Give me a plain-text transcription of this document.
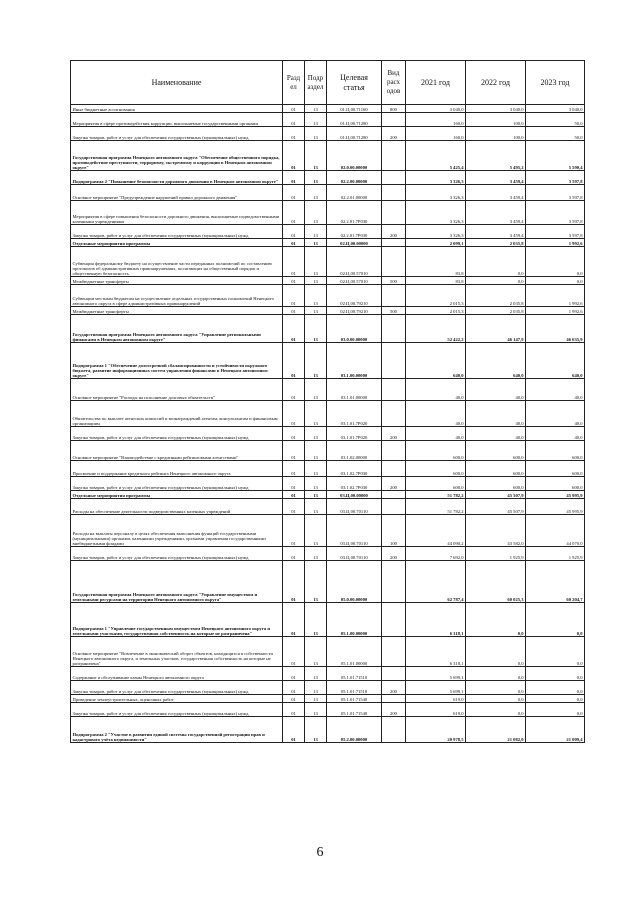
Наименование	Разд ел	Подр аздел	Целевая статья	Вид расх одов	2021 год	2022 год	2023 год
Иные бюджетные ассигнования	01	13	01.Ц.00.71160	800	3 040,0	3 040,0	3 040,0
Мероприятия в сфере противодействия коррупции, выполняемые государственными органами	01	13	01.Ц.00.71280		160,0	100,0	50,0
Закупка товаров, работ и услуг для обеспечения государственных (муниципальных) нужд	01	13	01.Ц.00.71280	200	160,0	100,0	50,0
Государственная программа Ненецкого автономного округа "Обеспечение общественного порядка, противодействие преступности, терроризму, экстремизму и коррупции в Ненецком автономном округе"	01	13	02.0.00.00000		5 425,4	5 495,2	5 590,4
Подпрограмма 2 "Повышение безопасности дорожного движения в Ненецком автономном округе"	01	13	02.2.00.00000		3 326,3	3 459,4	3 597,8
Основное мероприятие "Предупреждение нарушений правил дорожного движения"	01	13	02.2.01.00000		3 326,3	3 459,4	3 597,8
Мероприятия в сфере повышения безопасности дорожного движения, выполняемые подведомственными казенными учреждениями	01	13	02.2.01.7Р030		3 326,3	3 459,4	3 597,8
Закупка товаров, работ и услуг для обеспечения государственных (муниципальных) нужд	01	13	02.2.01.7Р030	200	3 326,3	3 459,4	3 597,8
Отдельные мероприятия программы	01	13	02.Ц.00.00000		2 099,1	2 035,8	1 992,6
Субвенция федеральному бюджету на осуществление части переданных полномочий по составлению протоколов об административных правонарушениях, посягающих на общественный порядок и общественную безопасность	01	13	02.Ц.00.57010		83,8	0,0	0,0
Межбюджетные трансферты	01	13	02.Ц.00.57010	500	83,8	0,0	0,0
Субвенции местным бюджетам на осуществление отдельных государственных полномочий Ненецкого автономного округа в сфере административных правонарушений	01	13	02.Ц.00.79210		2 015,3	2 035,8	1 992,6
Межбюджетные трансферты	01	13	02.Ц.00.79210	500	2 015,3	2 035,8	1 992,6
Государственная программа Ненецкого автономного округа "Управление региональными финансами в Ненецком автономном округе"	01	13	03.0.00.00000		52 422,2	46 147,9	46 635,9
Подпрограмма 1 "Обеспечение долгосрочной сбалансированности и устойчивости окружного бюджета, развитие информационных систем управления финансами в Ненецком автономном округе"	01	13	03.1.00.00000		640,0	640,0	640,0
Основное мероприятие "Расходы на исполнение долговых обязательств"	01	13	03.1.01.00000		40,0	40,0	40,0
Обязательства по выплате агентских комиссий и вознаграждений агентам, консультантам и финансовым организациям	01	13	03.1.01.7Р020		40,0	40,0	40,0
Закупка товаров, работ и услуг для обеспечения государственных (муниципальных) нужд	01	13	03.1.01.7Р020	200	40,0	40,0	40,0
Основное мероприятие "Взаимодействие с кредитными рейтинговыми агентствами"	01	13	03.1.02.00000		600,0	600,0	600,0
Присвоение и поддержание кредитного рейтинга Ненецкого автономного округа	01	13	03.1.02.7Р030		600,0	600,0	600,0
Закупка товаров, работ и услуг для обеспечения государственных (муниципальных) нужд	01	13	03.1.02.7Р030	200	600,0	600,0	600,0
Отдельные мероприятия программы	01	13	03.Ц.00.00000		51 782,2	45 507,9	45 995,9
Расходы на обеспечение деятельности подведомственных казенных учреждений	01	13	03.Ц.00.70110		51 782,2	45 507,9	45 995,9
Расходы на выплаты персоналу в целях обеспечения выполнения функций государственными (муниципальными) органами, казенными учреждениями, органами управления государственными внебюджетными фондами	01	13	03.Ц.00.70110	100	44 090,2	43 582,0	44 070,0
Закупка товаров, работ и услуг для обеспечения государственных (муниципальных) нужд	01	13	03.Ц.00.70110	200	7 692,0	1 925,9	1 925,9
Государственная программа Ненецкого автономного округа "Управление имуществом и земельными ресурсами на территории Ненецкого автономного округа"	01	13	05.0.00.00000		62 787,4	60 025,3	60 204,7
Подпрограмма 1 "Управление государственным имуществом Ненецкого автономного округа и земельными участками, государственная собственность на которые не разграничена"	01	13	05.1.00.00000		6 318,1	0,0	0,0
Основное мероприятие "Вовлечение в экономический оборот объектов, находящихся в собственности Ненецкого автономного округа, и земельных участков, государственная собственность на которые не разграничена"	01	13	05.1.01.00000		6 318,1	0,0	0,0
Содержание и обслуживание казны Ненецкого автономного округа	01	13	05.1.01.71510		5 699,1	0,0	0,0
Закупка товаров, работ и услуг для обеспечения государственных (муниципальных) нужд	01	13	05.1.01.71510	200	5 699,1	0,0	0,0
Проведение землеустроительных, оценочных работ	01	13	05.1.01.71540		619,0	0,0	0,0
Закупка товаров, работ и услуг для обеспечения государственных (муниципальных) нужд	01	13	05.1.01.71540	200	619,0	0,0	0,0
Подпрограмма 2 "Участие в развитии единой системы государственной регистрации прав и кадастрового учёта недвижимости"	01	13	05.2.00.00000		20 978,5	21 082,0	21 009,4
6
